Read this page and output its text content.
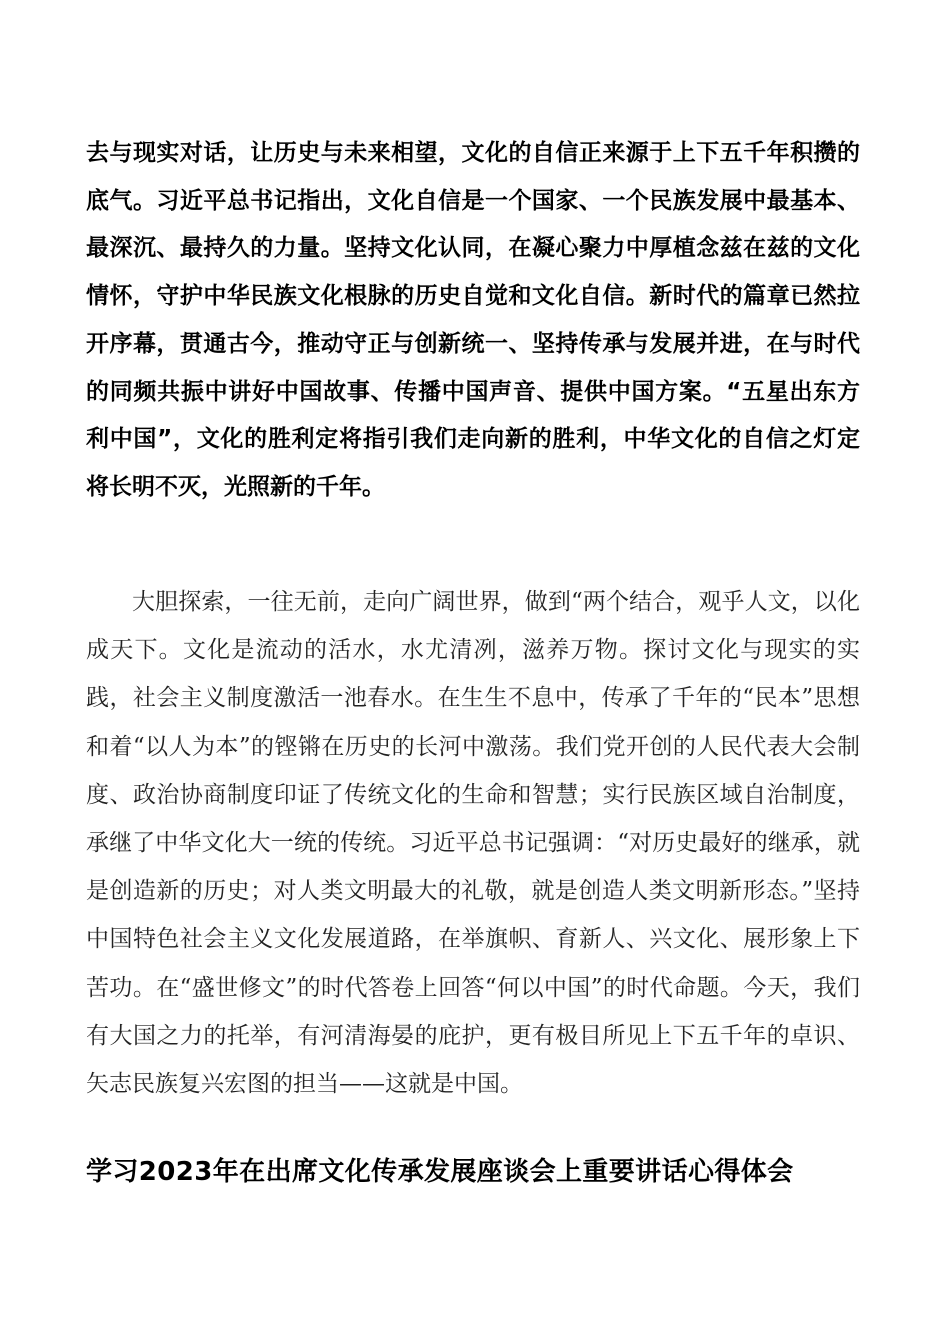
去与现实对话，让历史与未来相望，文化的自信正来源于上下五千年积攒的底气。习近平总书记指出，文化自信是一个国家、一个民族发展中最基本、最深沉、最持久的力量。坚持文化认同，在凝心聚力中厚植念兹在兹的文化情怀，守护中华民族文化根脉的历史自觉和文化自信。新时代的篇章已然拉开序幕，贯通古今，推动守正与创新统一、坚持传承与发展并进，在与时代的同频共振中讲好中国故事、传播中国声音、提供中国方案。“五星出东方利中国”，文化的胜利定将指引我们走向新的胜利，中华文化的自信之灯定将长明不灭，光照新的千年。

大胆探索，一往无前，走向广阔世界，做到“两个结合，观乎人文，以化成天下。文化是流动的活水，水尤清冽，滋养万物。探讨文化与现实的实践，社会主义制度激活一池春水。在生生不息中，传承了千年的“民本”思想和着“以人为本”的铿锵在历史的长河中激荡。我们党开创的人民代表大会制度、政治协商制度印证了传统文化的生命和智慧；实行民族区域自治制度，承继了中华文化大一统的传统。习近平总书记强调：“对历史最好的继承，就是创造新的历史；对人类文明最大的礼敬，就是创造人类文明新形态。”坚持中国特色社会主义文化发展道路，在举旗帜、育新人、兴文化、展形象上下苦功。在“盛世修文”的时代答卷上回答“何以中国”的时代命题。今天，我们有大国之力的托举，有河清海晏的庇护，更有极目所见上下五千年的卓识、矢志民族复兴宏图的担当——这就是中国。

学习2023年在出席文化传承发展座谈会上重要讲话心得体会
